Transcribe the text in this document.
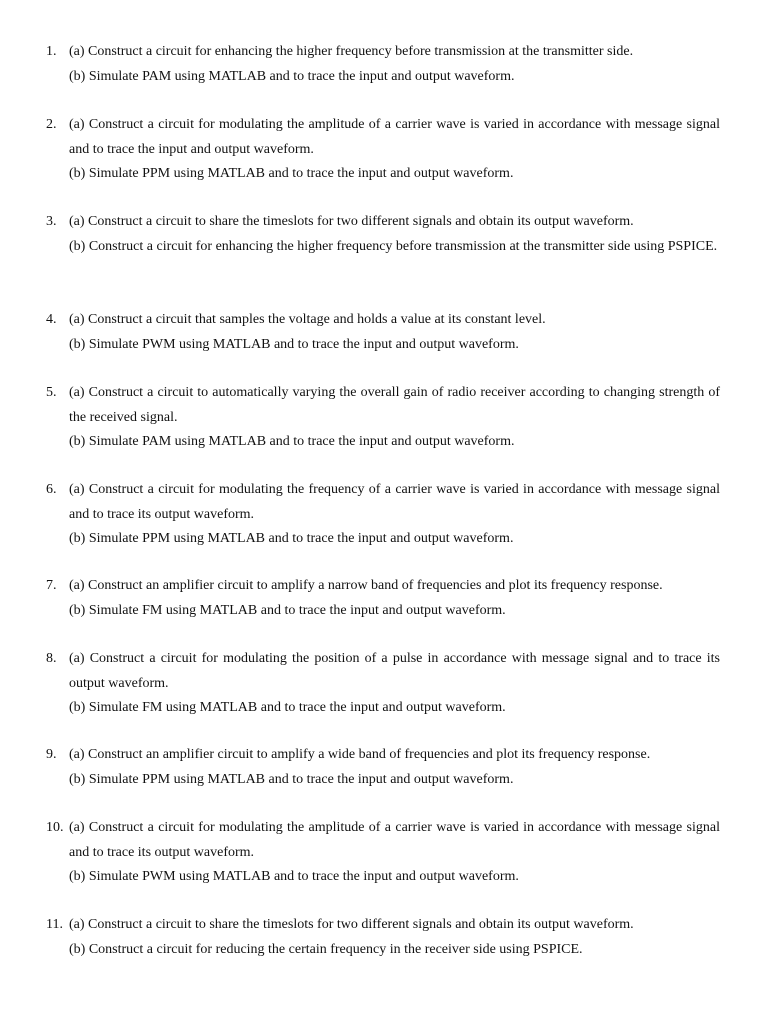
1. (a) Construct a circuit for enhancing the higher frequency before transmission at the transmitter side.

(b) Simulate PAM using MATLAB and to trace the input and output waveform.

2. (a) Construct a circuit for modulating the amplitude of a carrier wave is varied in accordance with message signal and to trace the input and output waveform.

(b) Simulate PPM using MATLAB and to trace the input and output waveform.

3. (a) Construct a circuit to share the timeslots for two different signals and obtain its output waveform.

(b) Construct a circuit for enhancing the higher frequency before transmission at the transmitter side using PSPICE.

4. (a) Construct a circuit that samples the voltage and holds a value at its constant level.

(b) Simulate PWM using MATLAB and to trace the input and output waveform.

5. (a) Construct a circuit to automatically varying the overall gain of radio receiver according to changing strength of the received signal.

(b) Simulate PAM using MATLAB and to trace the input and output waveform.

6. (a) Construct a circuit for modulating the frequency of a carrier wave is varied in accordance with message signal and to trace its output waveform.

(b) Simulate PPM using MATLAB and to trace the input and output waveform.

7. (a) Construct an amplifier circuit to amplify a narrow band of frequencies and plot its frequency response.

(b) Simulate FM using MATLAB and to trace the input and output waveform.

8. (a) Construct a circuit for modulating the position of a pulse in accordance with message signal and to trace its output waveform.

(b) Simulate FM using MATLAB and to trace the input and output waveform.

9. (a) Construct an amplifier circuit to amplify a wide band of frequencies and plot its frequency response.

(b) Simulate PPM using MATLAB and to trace the input and output waveform.

10. (a) Construct a circuit for modulating the amplitude of a carrier wave is varied in accordance with message signal and to trace its output waveform.

(b) Simulate PWM using MATLAB and to trace the input and output waveform.

11. (a) Construct a circuit to share the timeslots for two different signals and obtain its output waveform.

(b) Construct a circuit for reducing the certain frequency in the receiver side using PSPICE.
